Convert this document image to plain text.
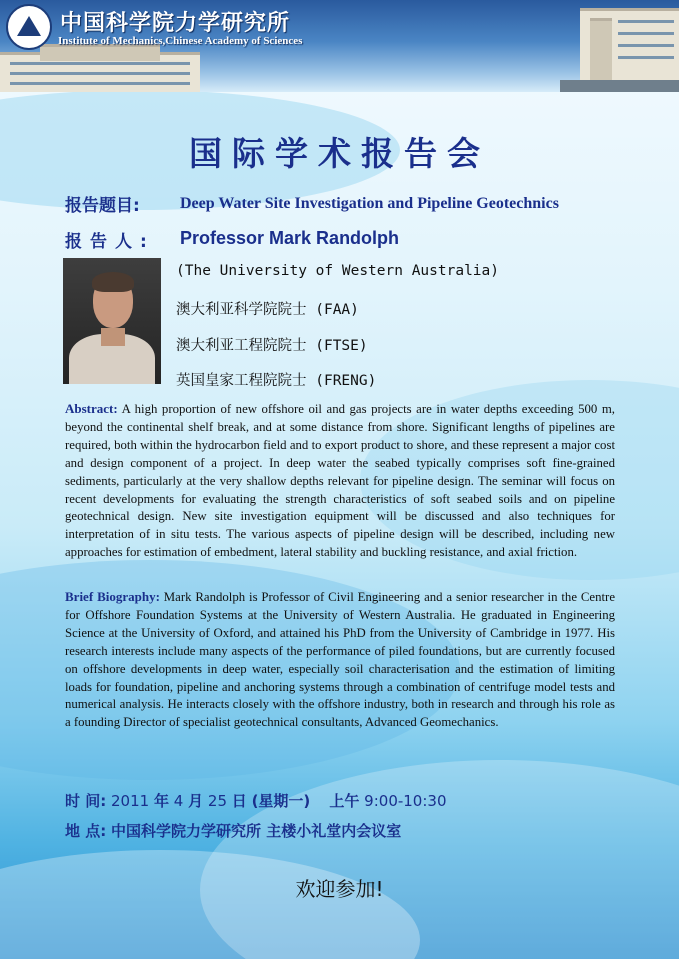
中国科学院力学研究所
Institute of Mechanics,Chinese Academy of Sciences
国际学术报告会
报告题目:	Deep Water Site Investigation and Pipeline Geotechnics
报告人: Professor Mark Randolph
(The University of Western Australia)
澳大利亚科学院院士 (FAA)
澳大利亚工程院院士 (FTSE)
英国皇家工程院院士 (FRENG)

Abstract: A high proportion of new offshore oil and gas projects are in water depths exceeding 500 m, beyond the continental shelf break, and at some distance from shore. Significant lengths of pipelines are required, both within the hydrocarbon field and to export product to shore, and these represent a major cost and design component of a project. In deep water the seabed typically comprises soft fine-grained sediments, particularly at the very shallow depths relevant for pipeline design. The seminar will focus on recent developments for evaluating the strength characteristics of soft seabed soils and on pipeline geotechnical design. New site investigation equipment will be discussed and also techniques for interpretation of in situ tests. The various aspects of pipeline design will be described, including new approaches for estimation of embedment, lateral stability and buckling resistance, and axial friction.

Brief Biography: Mark Randolph is Professor of Civil Engineering and a senior researcher in the Centre for Offshore Foundation Systems at the University of Western Australia. He graduated in Engineering Science at the University of Oxford, and attained his PhD from the University of Cambridge in 1977. His research interests include many aspects of the performance of piled foundations, but are currently focused on offshore developments in deep water, especially soil characterisation and the estimation of limiting loads for foundation, pipeline and anchoring systems through a combination of centrifuge model tests and numerical analysis. He interacts closely with the offshore industry, both in research and through his role as a founding Director of specialist geotechnical consultants, Advanced Geomechanics.

时 间: 2011 年 4 月 25 日 (星期一) 上午 9:00-10:30
地 点: 中国科学院力学研究所 主楼小礼堂内会议室
欢迎参加!
